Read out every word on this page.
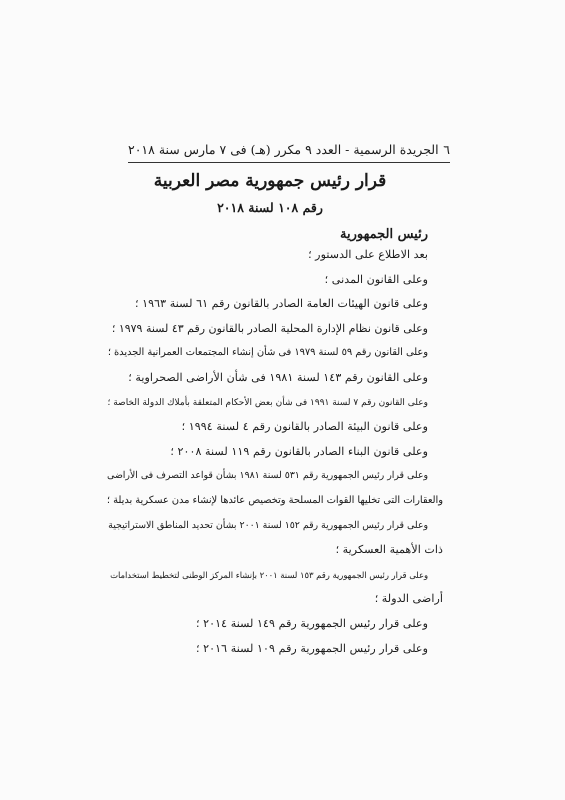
٦
الجريدة الرسمية - العدد ٩ مكرر (هـ) فى ٧ مارس سنة ٢٠١٨
قرار رئيس جمهورية مصر العربية
رقم ١٠٨ لسنة ٢٠١٨
رئيس الجمهورية
بعد الاطلاع على الدستور ؛
وعلى القانون المدنى ؛
وعلى قانون الهيئات العامة الصادر بالقانون رقم ٦١ لسنة ١٩٦٣ ؛
وعلى قانون نظام الإدارة المحلية الصادر بالقانون رقم ٤٣ لسنة ١٩٧٩ ؛
وعلى القانون رقم ٥٩ لسنة ١٩٧٩ فى شأن إنشاء المجتمعات العمرانية الجديدة ؛
وعلى القانون رقم ١٤٣ لسنة ١٩٨١ فى شأن الأراضى الصحراوية ؛
وعلى القانون رقم ٧ لسنة ١٩٩١ فى شأن بعض الأحكام المتعلقة بأملاك الدولة الخاصة ؛
وعلى قانون البيئة الصادر بالقانون رقم ٤ لسنة ١٩٩٤ ؛
وعلى قانون البناء الصادر بالقانون رقم ١١٩ لسنة ٢٠٠٨ ؛
وعلى قرار رئيس الجمهورية رقم ٥٣١ لسنة ١٩٨١ بشأن قواعد التصرف فى الأراضى
والعقارات التى تخليها القوات المسلحة وتخصيص عائدها لإنشاء مدن عسكرية بديلة ؛
وعلى قرار رئيس الجمهورية رقم ١٥٢ لسنة ٢٠٠١ بشأن تحديد المناطق الاستراتيجية
ذات الأهمية العسكرية ؛
وعلى قرار رئيس الجمهورية رقم ١٥٣ لسنة ٢٠٠١ بإنشاء المركز الوطنى لتخطيط استخدامات
أراضى الدولة ؛
وعلى قرار رئيس الجمهورية رقم ١٤٩ لسنة ٢٠١٤ ؛
وعلى قرار رئيس الجمهورية رقم ١٠٩ لسنة ٢٠١٦ ؛
